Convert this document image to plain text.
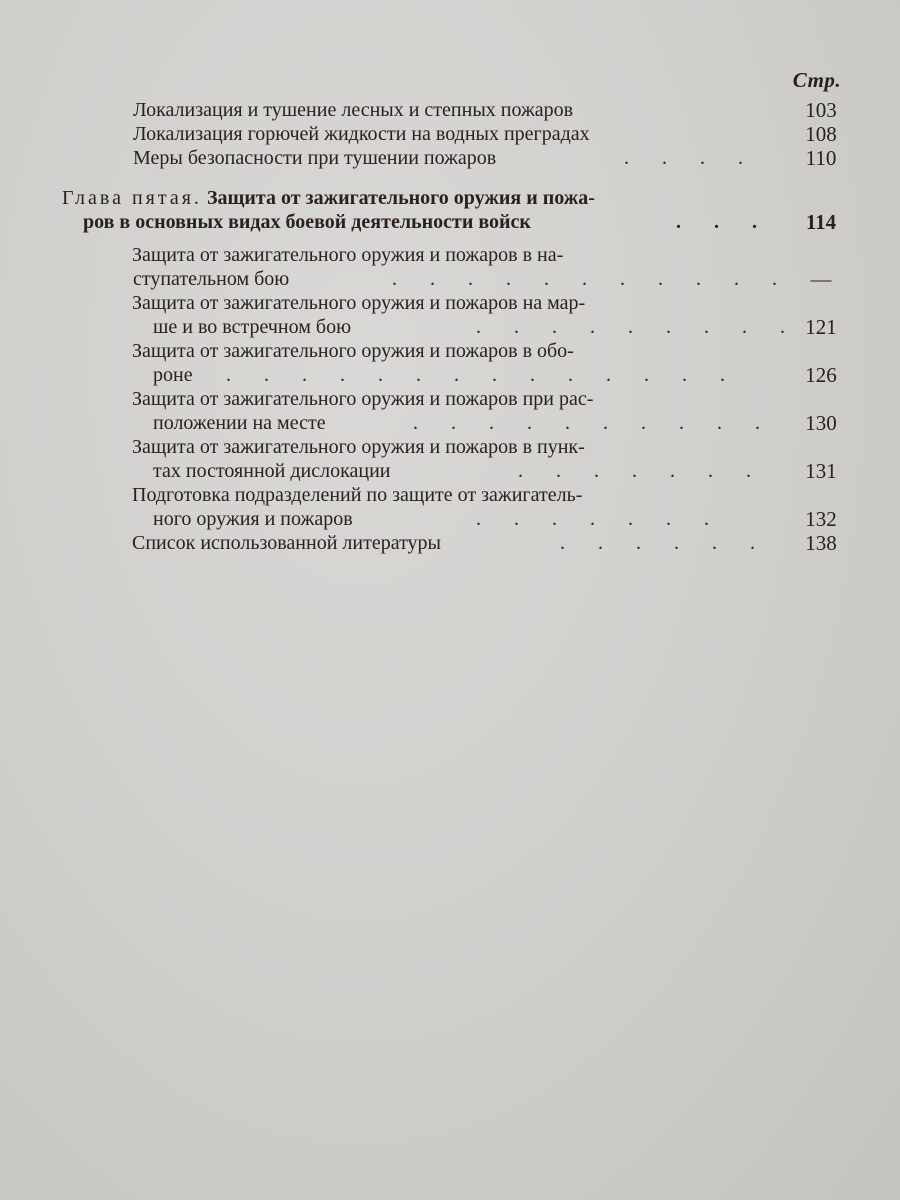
Стр.
Локализация и тушение лесных и степных пожаров	103
Локализация горючей жидкости на водных преградах	108
Меры безопасности при тушении пожаров	. . . .	110
Глава пятая. Защита от зажигательного оружия и пожа-
ров в основных видах боевой деятельности войск	. . .	114
Защита от зажигательного оружия и пожаров в на-
ступательном бою	. . . . . . . . . . . —
Защита от зажигательного оружия и пожаров на мар-
ше и во встречном бою	. . . . . . . . . 121
Защита от зажигательного оружия и пожаров в обо-
роне . . . . . . . . . . . . . .	126
Защита от зажигательного оружия и пожаров при рас-
положении на месте	. . . . . . . . . .	130
Защита от зажигательного оружия и пожаров в пунк-
тах постоянной дислокации	. . . . . . .	131
Подготовка подразделений по защите от зажигатель-
ного оружия и пожаров	. . . . . . .	132
Список использованной литературы	. . . . . .	138
